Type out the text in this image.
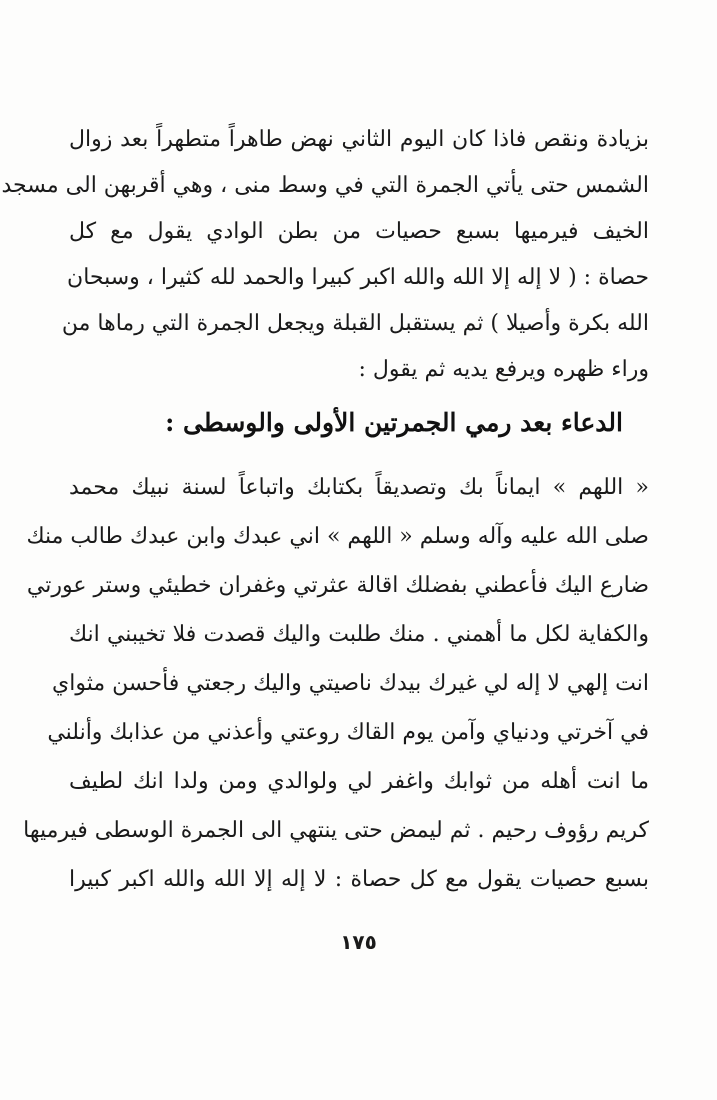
بزيادة ونقص فاذا كان اليوم الثاني نهض طاهراً متطهراً بعد زوال
الشمس حتى يأتي الجمرة التي في وسط منى ، وهي أقربهن الى مسجد
الخيف فيرميها بسبع حصيات من بطن الوادي يقول مع كل
حصاة : ( لا إله إلا الله والله اكبر كبيرا والحمد لله كثيرا ، وسبحان
الله بكرة وأصيلا ) ثم يستقبل القبلة ويجعل الجمرة التي رماها من
وراء ظهره ويرفع يديه ثم يقول :
الدعاء بعد رمي الجمرتين الأولى والوسطى :
« اللهم » ايماناً بك وتصديقاً بكتابك واتباعاً لسنة نبيك محمد
صلى الله عليه وآله وسلم « اللهم » اني عبدك وابن عبدك طالب منك
ضارع اليك فأعطني بفضلك اقالة عثرتي وغفران خطيئي وستر عورتي
والكفاية لكل ما أهمني . منك طلبت واليك قصدت فلا تخيبني انك
انت إلهي لا إله لي غيرك بيدك ناصيتي واليك رجعتي فأحسن مثواي
في آخرتي ودنياي وآمن يوم القاك روعتي وأعذني من عذابك وأنلني
ما انت أهله من ثوابك واغفر لي ولوالدي ومن ولدا انك لطيف
كريم رؤوف رحيم . ثم ليمض حتى ينتهي الى الجمرة الوسطى فيرميها
بسبع حصيات يقول مع كل حصاة : لا إله إلا الله والله اكبر كبيرا
١٧٥
